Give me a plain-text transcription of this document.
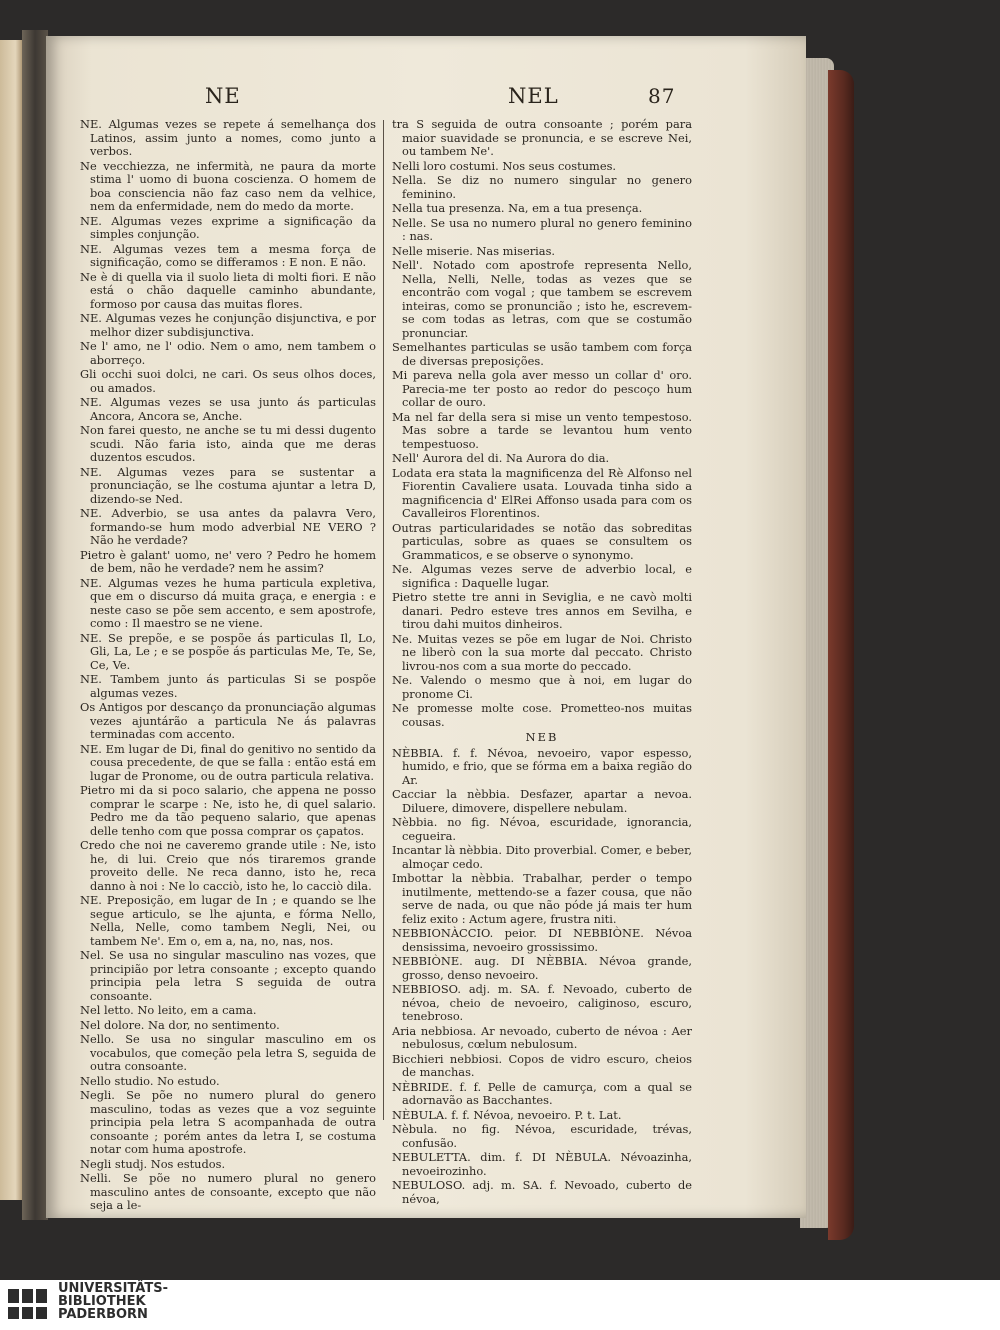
NE	NEL	87
NE. Algumas vezes se repete á semelhança dos Latinos, assim junto a nomes, como junto a verbos.
Ne vecchiezza, ne infermità, ne paura da morte stima l' uomo di buona coscienza. O homem de boa consciencia não faz caso nem da velhice, nem da enfermidade, nem do medo da morte.
NE. Algumas vezes exprime a significação da simples conjunção.
NE. Algumas vezes tem a mesma força de significação, como se differamos : E non. E não.
Ne è di quella via il suolo lieta di molti fiori. E não está o chão daquelle caminho abundante, formoso por causa das muitas flores.
NE. Algumas vezes he conjunção disjunctiva, e por melhor dizer subdisjunctiva.
Ne l' amo, ne l' odio. Nem o amo, nem tambem o aborreço.
Gli occhi suoi dolci, ne cari. Os seus olhos doces, ou amados.
NE. Algumas vezes se usa junto ás particulas Ancora, Ancora se, Anche.
Non farei questo, ne anche se tu mi dessi dugento scudi. Não faria isto, ainda que me deras duzentos escudos.
NE. Algumas vezes para se sustentar a pronunciação, se lhe costuma ajuntar a letra D, dizendo-se Ned.
NE. Adverbio, se usa antes da palavra Vero, formando-se hum modo adverbial NE VERO ? Não he verdade?
Pietro è galant' uomo, ne' vero ? Pedro he homem de bem, não he verdade? nem he assim?
NE. Algumas vezes he huma particula expletiva, que em o discurso dá muita graça, e energia : e neste caso se põe sem accento, e sem apostrofe, como : Il maestro se ne viene.
NE. Se prepõe, e se pospõe ás particulas Il, Lo, Gli, La, Le ; e se pospõe ás particulas Me, Te, Se, Ce, Ve.
NE. Tambem junto ás particulas Si se pospõe algumas vezes.
Os Antigos por descanço da pronunciação algumas vezes ajuntárão a particula Ne ás palavras terminadas com accento.
NE. Em lugar de Di, final do genitivo no sentido da cousa precedente, de que se falla : então está em lugar de Pronome, ou de outra particula relativa.
Pietro mi da si poco salario, che appena ne posso comprar le scarpe : Ne, isto he, di quel salario. Pedro me da tão pequeno salario, que apenas delle tenho com que possa comprar os çapatos.
Credo che noi ne caveremo grande utile : Ne, isto he, di lui. Creio que nós tiraremos grande proveito delle. Ne reca danno, isto he, reca danno à noi : Ne lo cacciò, isto he, lo cacciò dila.
NE. Preposição, em lugar de In ; e quando se lhe segue articulo, se lhe ajunta, e fórma Nello, Nella, Nelle, como tambem Negli, Nei, ou tambem Ne'. Em o, em a, na, no, nas, nos.
Nel. Se usa no singular masculino nas vozes, que principião por letra consoante ; excepto quando principia pela letra S seguida de outra consoante.
Nel letto. No leito, em a cama.
Nel dolore. Na dor, no sentimento.
Nello. Se usa no singular masculino em os vocabulos, que começão pela letra S, seguida de outra consoante.
Nello studio. No estudo.
Negli. Se põe no numero plural do genero masculino, todas as vezes que a voz seguinte principia pela letra S acompanhada de outra consoante ; porém antes da letra I, se costuma notar com huma apostrofe.
Negli studj. Nos estudos.
Nelli. Se põe no numero plural no genero masculino antes de consoante, excepto que não seja a le-
tra S seguida de outra consoante ; porém para maior suavidade se pronuncia, e se escreve Nei, ou tambem Ne'.
Nelli loro costumi. Nos seus costumes.
Nella. Se diz no numero singular no genero feminino.
Nella tua presenza. Na, em a tua presença.
Nelle. Se usa no numero plural no genero feminino : nas.
Nelle miserie. Nas miserias.
Nell'. Notado com apostrofe representa Nello, Nella, Nelli, Nelle, todas as vezes que se encontrão com vogal ; que tambem se escrevem inteiras, como se pronuncião ; isto he, escrevem-se com todas as letras, com que se costumão pronunciar.
Semelhantes particulas se usão tambem com força de diversas preposições.
Mi pareva nella gola aver messo un collar d' oro. Parecia-me ter posto ao redor do pescoço hum collar de ouro.
Ma nel far della sera si mise un vento tempestoso. Mas sobre a tarde se levantou hum vento tempestuoso.
Nell' Aurora del di. Na Aurora do dia.
Lodata era stata la magnificenza del Rè Alfonso nel Fiorentin Cavaliere usata. Louvada tinha sido a magnificencia d' ElRei Affonso usada para com os Cavalleiros Florentinos.
Outras particularidades se notão das sobreditas particulas, sobre as quaes se consultem os Grammaticos, e se observe o synonymo.
Ne. Algumas vezes serve de adverbio local, e significa : Daquelle lugar.
Pietro stette tre anni in Seviglia, e ne cavò molti danari. Pedro esteve tres annos em Sevilha, e tirou dahi muitos dinheiros.
Ne. Muitas vezes se põe em lugar de Noi. Christo ne liberò con la sua morte dal peccato. Christo livrou-nos com a sua morte do peccado.
Ne. Valendo o mesmo que à noi, em lugar do pronome Ci.
Ne promesse molte cose. Prometteo-nos muitas cousas.
NEB
NÈBBIA. f. f. Névoa, nevoeiro, vapor espesso, humido, e frio, que se fórma em a baixa região do Ar.
Cacciar la nèbbia. Desfazer, apartar a nevoa. Diluere, dimovere, dispellere nebulam.
Nèbbia. no fig. Névoa, escuridade, ignorancia, cegueira.
Incantar là nèbbia. Dito proverbial. Comer, e beber, almoçar cedo.
Imbottar la nèbbia. Trabalhar, perder o tempo inutilmente, mettendo-se a fazer cousa, que não serve de nada, ou que não póde já mais ter hum feliz exito : Actum agere, frustra niti.
NEBBIONÀCCIO. peior. DI NEBBIÒNE. Névoa densissima, nevoeiro grossissimo.
NEBBIÒNE. aug. DI NÈBBIA. Névoa grande, grosso, denso nevoeiro.
NEBBIOSO. adj. m. SA. f. Nevoado, cuberto de névoa, cheio de nevoeiro, caliginoso, escuro, tenebroso.
Aria nebbiosa. Ar nevoado, cuberto de névoa : Aer nebulosus, cœlum nebulosum.
Bicchieri nebbiosi. Copos de vidro escuro, cheios de manchas.
NÈBRIDE. f. f. Pelle de camurça, com a qual se adornavão as Bacchantes.
NÈBULA. f. f. Névoa, nevoeiro. P. t. Lat.
Nèbula. no fig. Névoa, escuridade, trévas, confusão.
NEBULETTA. dim. f. DI NÈBULA. Névoazinha, nevoeirozinho.
NEBULOSO. adj. m. SA. f. Nevoado, cuberto de névoa,
UNIVERSITÄTS-
BIBLIOTHEK
PADERBORN
